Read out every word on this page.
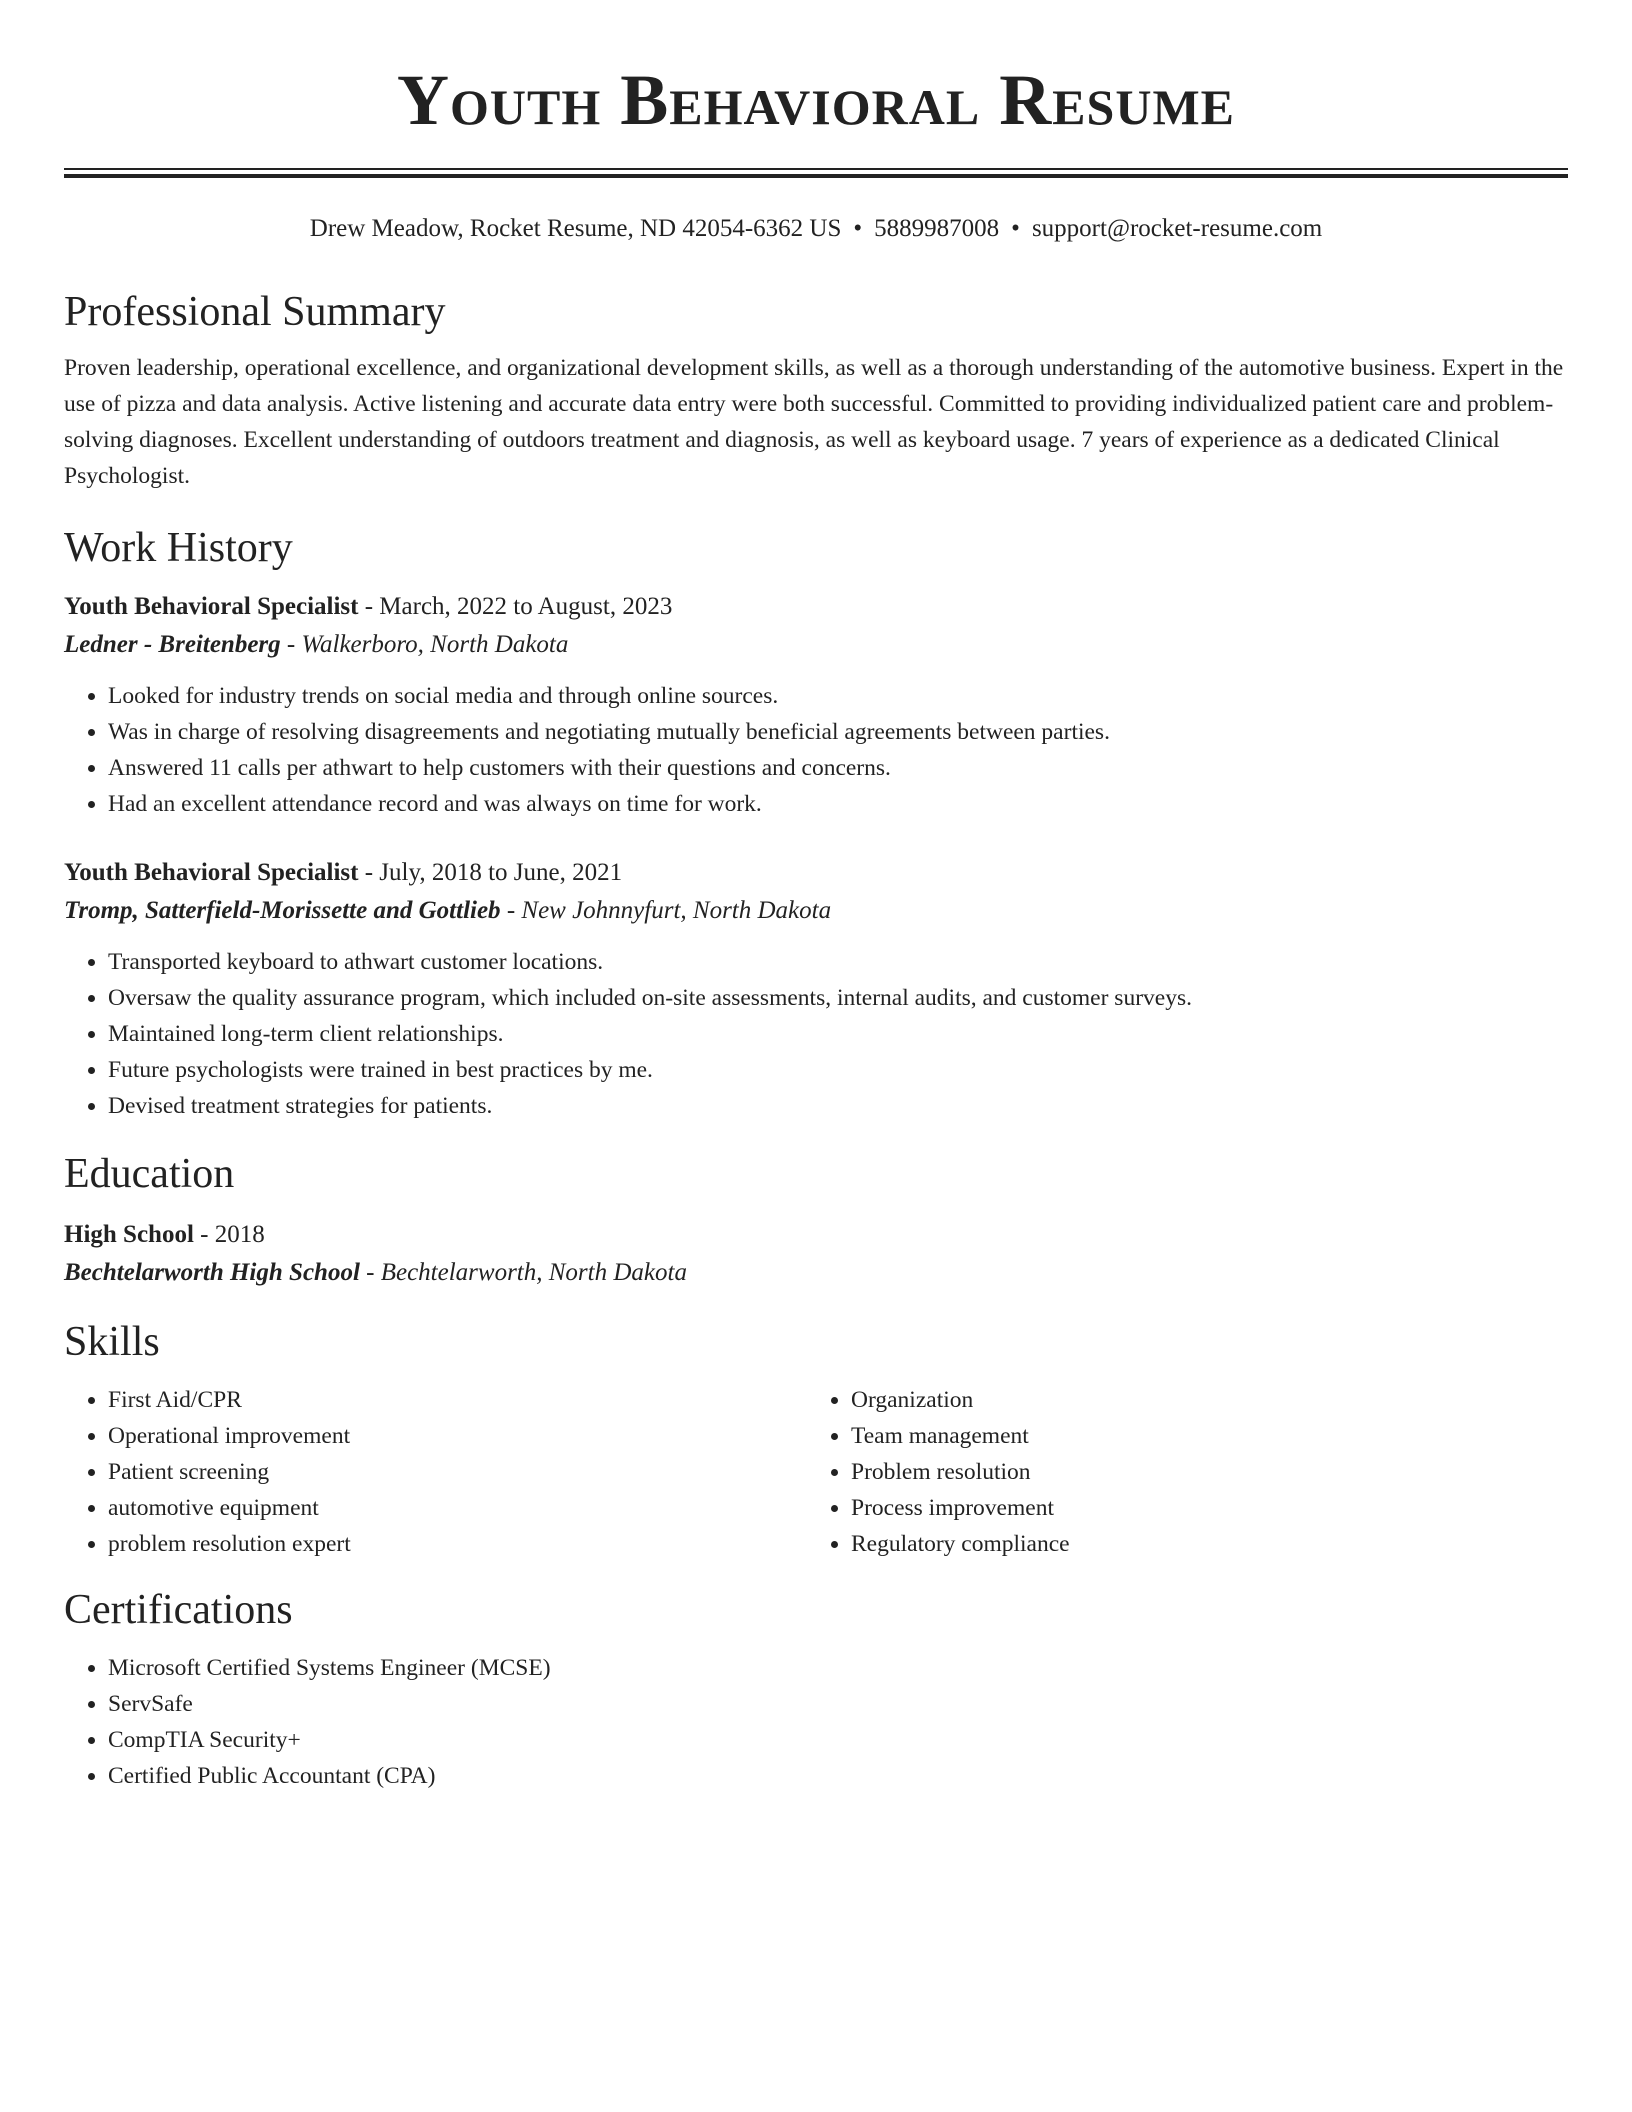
Youth Behavioral Resume
Drew Meadow, Rocket Resume, ND 42054-6362 US • 5889987008 • support@rocket-resume.com
Professional Summary
Proven leadership, operational excellence, and organizational development skills, as well as a thorough understanding of the automotive business. Expert in the use of pizza and data analysis. Active listening and accurate data entry were both successful. Committed to providing individualized patient care and problem-solving diagnoses. Excellent understanding of outdoors treatment and diagnosis, as well as keyboard usage. 7 years of experience as a dedicated Clinical Psychologist.
Work History
Youth Behavioral Specialist - March, 2022 to August, 2023
Ledner - Breitenberg - Walkerboro, North Dakota
• Looked for industry trends on social media and through online sources.
• Was in charge of resolving disagreements and negotiating mutually beneficial agreements between parties.
• Answered 11 calls per athwart to help customers with their questions and concerns.
• Had an excellent attendance record and was always on time for work.
Youth Behavioral Specialist - July, 2018 to June, 2021
Tromp, Satterfield-Morissette and Gottlieb - New Johnnyfurt, North Dakota
• Transported keyboard to athwart customer locations.
• Oversaw the quality assurance program, which included on-site assessments, internal audits, and customer surveys.
• Maintained long-term client relationships.
• Future psychologists were trained in best practices by me.
• Devised treatment strategies for patients.
Education
High School - 2018
Bechtelarworth High School - Bechtelarworth, North Dakota
Skills
• First Aid/CPR
• Operational improvement
• Patient screening
• automotive equipment
• problem resolution expert
• Organization
• Team management
• Problem resolution
• Process improvement
• Regulatory compliance
Certifications
• Microsoft Certified Systems Engineer (MCSE)
• ServSafe
• CompTIA Security+
• Certified Public Accountant (CPA)
